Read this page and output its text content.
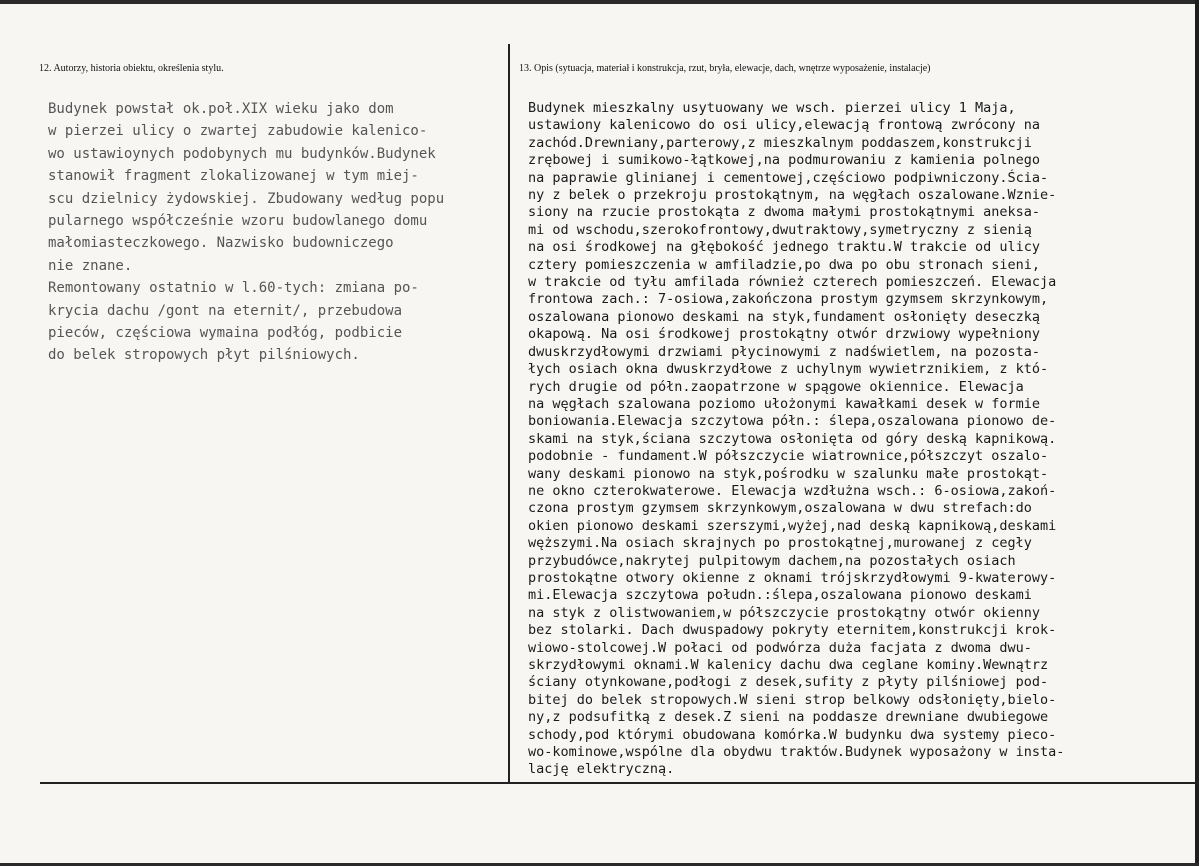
12. Autorzy, historia obiektu, określenia stylu.	13. Opis (sytuacja, materiał i konstrukcja, rzut, bryła, elewacje, dach, wnętrze wyposażenie, instalacje)
Budynek powstał ok.poł.XIX wieku jako dom
w pierzei ulicy o zwartej zabudowie kalenico-
wo ustawioynych podobynych mu budynków.Budynek
stanowił fragment zlokalizowanej w tym miej-
scu dzielnicy żydowskiej. Zbudowany według popu
pularnego współcześnie wzoru budowlanego domu
małomiasteczkowego. Nazwisko budowniczego
nie znane.
Remontowany ostatnio w l.60-tych: zmiana po-
krycia dachu /gont na eternit/, przebudowa
pieców, częściowa wymaina podłóg, podbicie
do belek stropowych płyt pilśniowych.
Budynek mieszkalny usytuowany we wsch. pierzei ulicy 1 Maja,
ustawiony kalenicowo do osi ulicy,elewacją frontową zwrócony na
zachód.Drewniany,parterowy,z mieszkalnym poddaszem,konstrukcji
zrębowej i sumikowo-łątkowej,na podmurowaniu z kamienia polnego
na paprawie glinianej i cementowej,częściowo podpiwniczony.Ścia-
ny z belek o przekroju prostokątnym, na węgłach oszalowane.Wznie-
siony na rzucie prostokąta z dwoma małymi prostokątnymi aneksa-
mi od wschodu,szerokofrontowy,dwutraktowy,symetryczny z sienią
na osi środkowej na głębokość jednego traktu.W trakcie od ulicy
cztery pomieszczenia w amfiladzie,po dwa po obu stronach sieni,
w trakcie od tyłu amfilada również czterech pomieszczeń. Elewacja
frontowa zach.: 7-osiowa,zakończona prostym gzymsem skrzynkowym,
oszalowana pionowo deskami na styk,fundament osłonięty deseczką
okapową. Na osi środkowej prostokątny otwór drzwiowy wypełniony
dwuskrzydłowymi drzwiami płycinowymi z nadświetlem, na pozosta-
łych osiach okna dwuskrzydłowe z uchylnym wywietrznikiem, z któ-
rych drugie od półn.zaopatrzone w spągowe okiennice. Elewacja
na węgłach szalowana poziomo ułożonymi kawałkami desek w formie
boniowania.Elewacja szczytowa półn.: ślepa,oszalowana pionowo de-
skami na styk,ściana szczytowa osłonięta od góry deską kapnikową.
podobnie - fundament.W półszczycie wiatrownice,półszczyt oszalo-
wany deskami pionowo na styk,pośrodku w szalunku małe prostokąt-
ne okno czterokwaterowe. Elewacja wzdłużna wsch.: 6-osiowa,zakoń-
czona prostym gzymsem skrzynkowym,oszalowana w dwu strefach:do
okien pionowo deskami szerszymi,wyżej,nad deską kapnikową,deskami
węższymi.Na osiach skrajnych po prostokątnej,murowanej z cegły
przybudówce,nakrytej pulpitowym dachem,na pozostałych osiach
prostokątne otwory okienne z oknami trójskrzydłowymi 9-kwaterowy-
mi.Elewacja szczytowa połudn.:ślepa,oszalowana pionowo deskami
na styk z olistwowaniem,w półszczycie prostokątny otwór okienny
bez stolarki. Dach dwuspadowy pokryty eternitem,konstrukcji krok-
wiowo-stolcowej.W połaci od podwórza duża facjata z dwoma dwu-
skrzydłowymi oknami.W kalenicy dachu dwa ceglane kominy.Wewnątrz
ściany otynkowane,podłogi z desek,sufity z płyty pilśniowej pod-
bitej do belek stropowych.W sieni strop belkowy odsłonięty,bielo-
ny,z podsufitką z desek.Z sieni na poddasze drewniane dwubiegowe
schody,pod którymi obudowana komórka.W budynku dwa systemy pieco-
wo-kominowe,wspólne dla obydwu traktów.Budynek wyposażony w insta-
lację elektryczną.
